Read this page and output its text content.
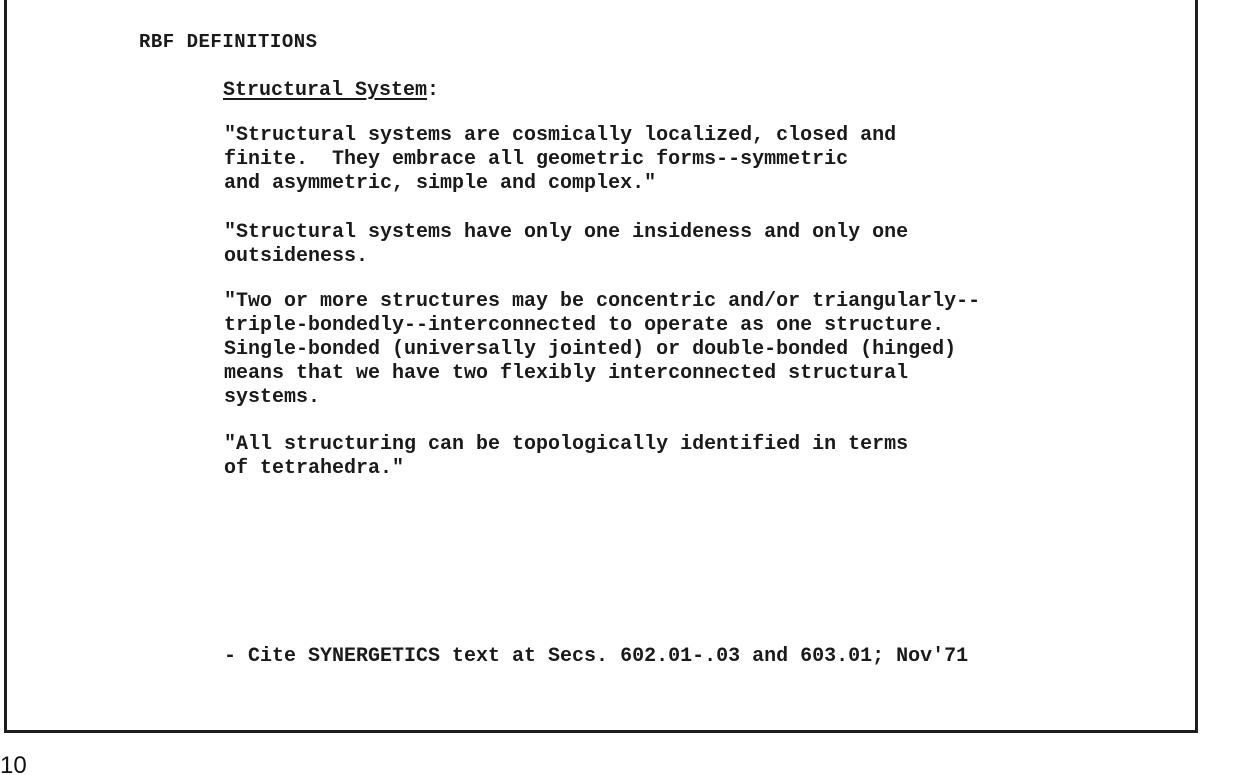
RBF DEFINITIONS
Structural System:

"Structural systems are cosmically localized, closed and
finite.  They embrace all geometric forms--symmetric
and asymmetric, simple and complex."

"Structural systems have only one insideness and only one
outsideness.

"Two or more structures may be concentric and/or triangularly--
triple-bondedly--interconnected to operate as one structure.
Single-bonded (universally jointed) or double-bonded (hinged)
means that we have two flexibly interconnected structural
systems.

"All structuring can be topologically identified in terms
of tetrahedra."

- Cite SYNERGETICS text at Secs. 602.01-.03 and 603.01; Nov'71
10
